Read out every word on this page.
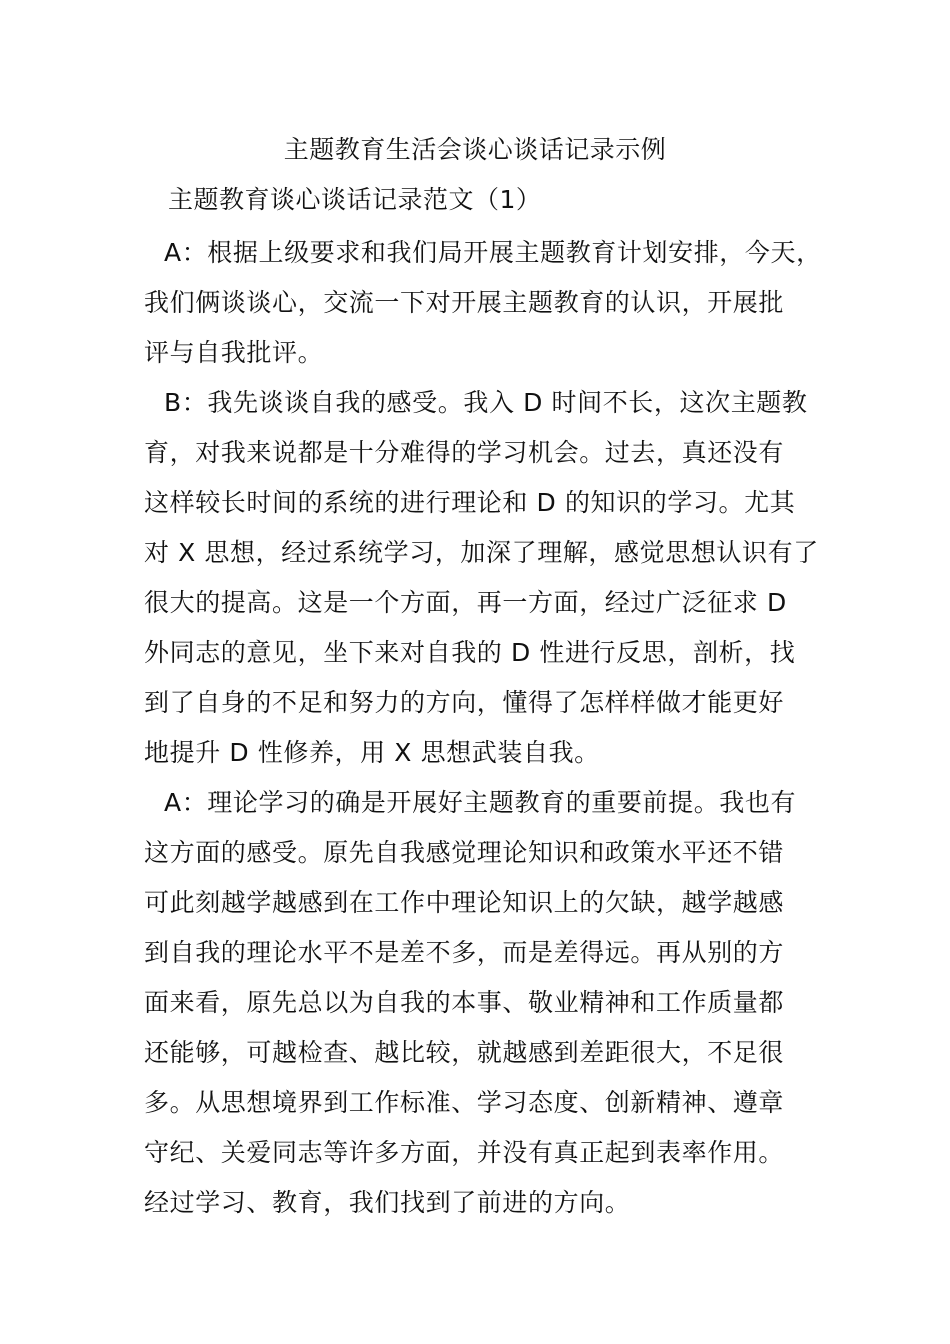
主题教育生活会谈心谈话记录示例
主题教育谈心谈话记录范文（1）

A：根据上级要求和我们局开展主题教育计划安排，今天，
我们俩谈谈心，交流一下对开展主题教育的认识，开展批
评与自我批评。

B：我先谈谈自我的感受。我入 D 时间不长，这次主题教
育，对我来说都是十分难得的学习机会。过去，真还没有
这样较长时间的系统的进行理论和 D 的知识的学习。尤其
对 X 思想，经过系统学习，加深了理解，感觉思想认识有了
很大的提高。这是一个方面，再一方面，经过广泛征求 D
外同志的意见，坐下来对自我的 D 性进行反思，剖析，找
到了自身的不足和努力的方向，懂得了怎样样做才能更好
地提升 D 性修养，用 X 思想武装自我。

A：理论学习的确是开展好主题教育的重要前提。我也有
这方面的感受。原先自我感觉理论知识和政策水平还不错
可此刻越学越感到在工作中理论知识上的欠缺，越学越感
到自我的理论水平不是差不多，而是差得远。再从别的方
面来看，原先总以为自我的本事、敬业精神和工作质量都
还能够，可越检查、越比较，就越感到差距很大，不足很
多。从思想境界到工作标准、学习态度、创新精神、遵章
守纪、关爱同志等许多方面，并没有真正起到表率作用。
经过学习、教育，我们找到了前进的方向。
